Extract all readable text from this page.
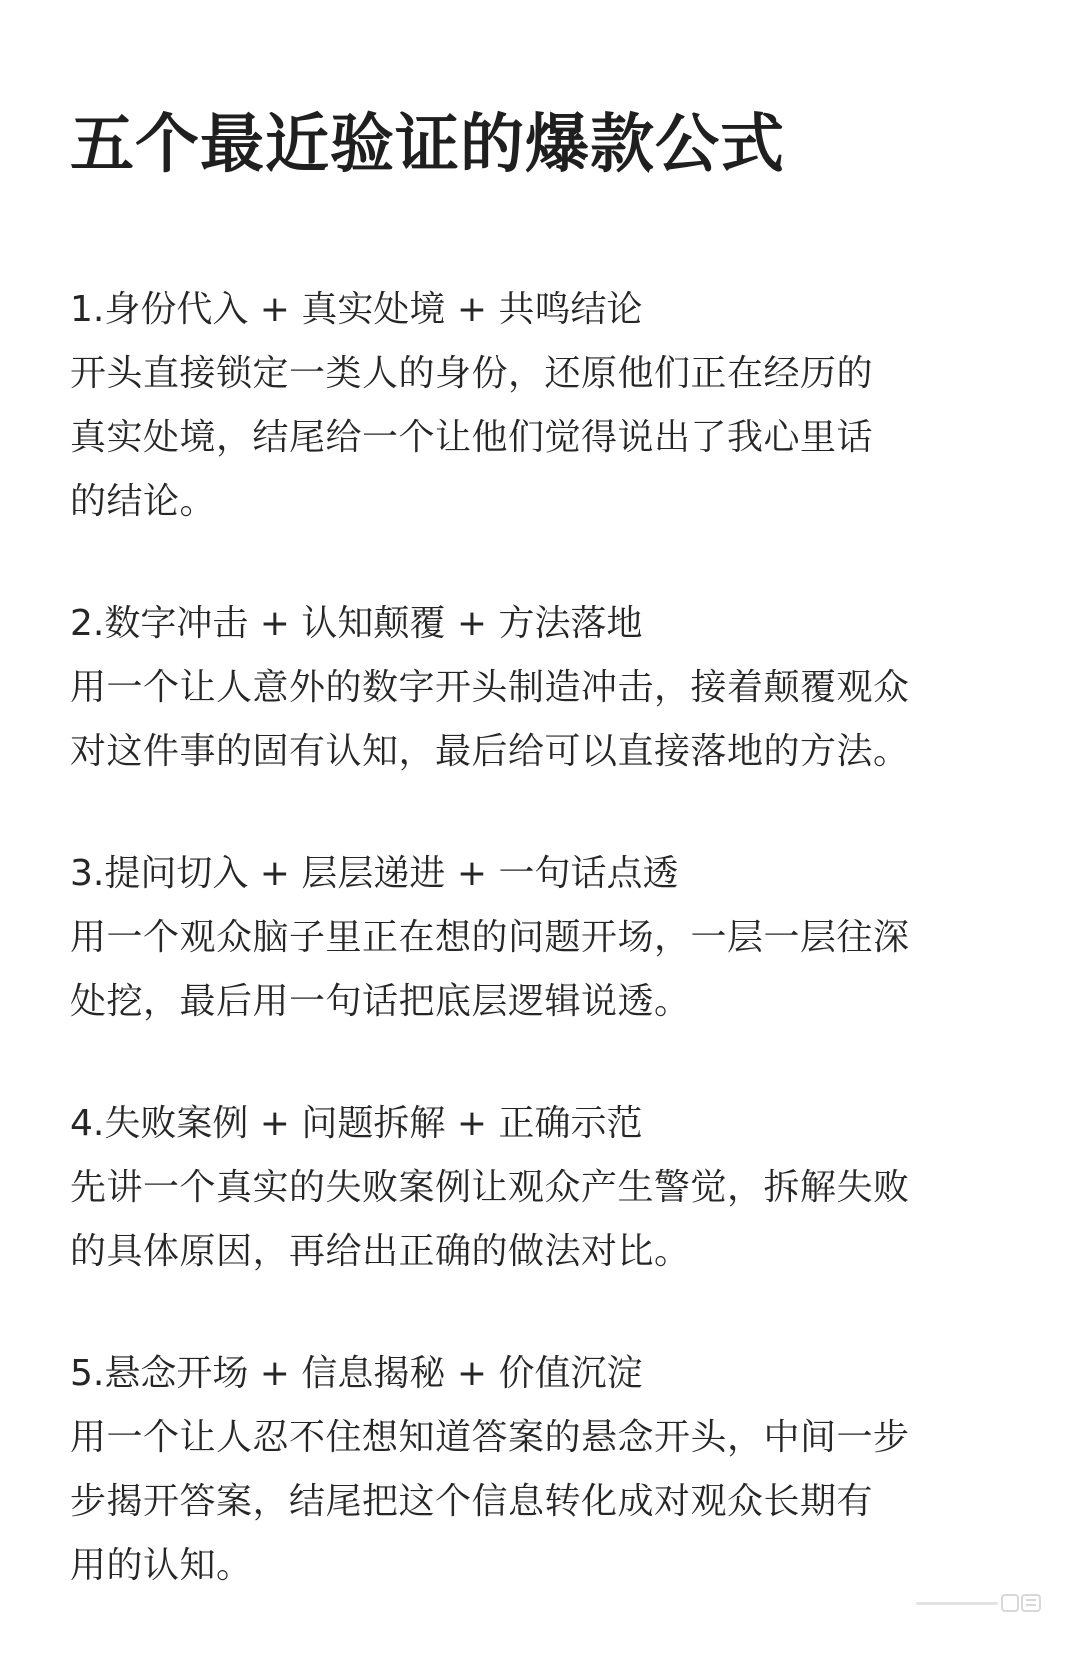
五个最近验证的爆款公式
1.身份代入 + 真实处境 + 共鸣结论

开头直接锁定一类人的身份，还原他们正在经历的
真实处境，结尾给一个让他们觉得说出了我心里话
的结论。

2.数字冲击 + 认知颠覆 + 方法落地

用一个让人意外的数字开头制造冲击，接着颠覆观众
对这件事的固有认知，最后给可以直接落地的方法。

3.提问切入 + 层层递进 + 一句话点透

用一个观众脑子里正在想的问题开场，一层一层往深
处挖，最后用一句话把底层逻辑说透。

4.失败案例 + 问题拆解 + 正确示范

先讲一个真实的失败案例让观众产生警觉，拆解失败
的具体原因，再给出正确的做法对比。

5.悬念开场 + 信息揭秘 + 价值沉淀

用一个让人忍不住想知道答案的悬念开头，中间一步
步揭开答案，结尾把这个信息转化成对观众长期有
用的认知。
